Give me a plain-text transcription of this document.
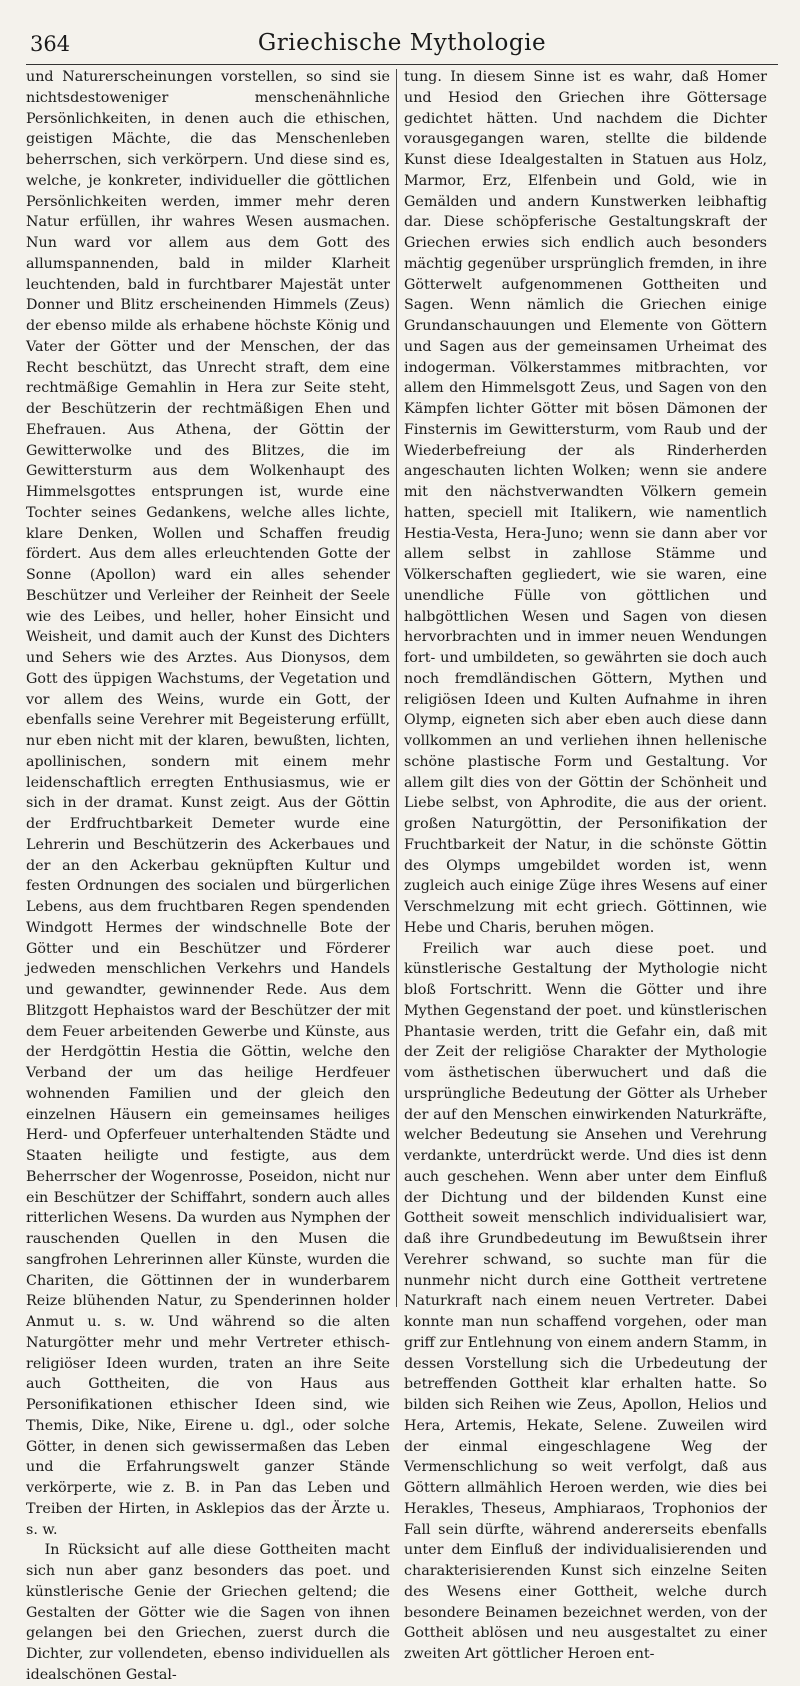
364	Griechische Mythologie

und Naturerscheinungen vorstellen, so sind sie nichtsdestoweniger menschenähnliche Persönlichkeiten, in denen auch die ethischen, geistigen Mächte, die das Menschenleben beherrschen, sich verkörpern. Und diese sind es, welche, je konkreter, individueller die göttlichen Persönlichkeiten werden, immer mehr deren Natur erfüllen, ihr wahres Wesen ausmachen. Nun ward vor allem aus dem Gott des allumspannenden, bald in milder Klarheit leuchtenden, bald in furchtbarer Majestät unter Donner und Blitz erscheinenden Himmels (Zeus) der ebenso milde als erhabene höchste König und Vater der Götter und der Menschen, der das Recht beschützt, das Unrecht straft, dem eine rechtmäßige Gemahlin in Hera zur Seite steht, der Beschützerin der rechtmäßigen Ehen und Ehefrauen. Aus Athena, der Göttin der Gewitterwolke und des Blitzes, die im Gewittersturm aus dem Wolkenhaupt des Himmelsgottes entsprungen ist, wurde eine Tochter seines Gedankens, welche alles lichte, klare Denken, Wollen und Schaffen freudig fördert. Aus dem alles erleuchtenden Gotte der Sonne (Apollon) ward ein alles sehender Beschützer und Verleiher der Reinheit der Seele wie des Leibes, und heller, hoher Einsicht und Weisheit, und damit auch der Kunst des Dichters und Sehers wie des Arztes. Aus Dionysos, dem Gott des üppigen Wachstums, der Vegetation und vor allem des Weins, wurde ein Gott, der ebenfalls seine Verehrer mit Begeisterung erfüllt, nur eben nicht mit der klaren, bewußten, lichten, apollinischen, sondern mit einem mehr leidenschaftlich erregten Enthusiasmus, wie er sich in der dramat. Kunst zeigt. Aus der Göttin der Erdfruchtbarkeit Demeter wurde eine Lehrerin und Beschützerin des Ackerbaues und der an den Ackerbau geknüpften Kultur und festen Ordnungen des socialen und bürgerlichen Lebens, aus dem fruchtbaren Regen spendenden Windgott Hermes der windschnelle Bote der Götter und ein Beschützer und Förderer jedweden menschlichen Verkehrs und Handels und gewandter, gewinnender Rede. Aus dem Blitzgott Hephaistos ward der Beschützer der mit dem Feuer arbeitenden Gewerbe und Künste, aus der Herdgöttin Hestia die Göttin, welche den Verband der um das heilige Herdfeuer wohnenden Familien und der gleich den einzelnen Häusern ein gemeinsames heiliges Herd- und Opferfeuer unterhaltenden Städte und Staaten heiligte und festigte, aus dem Beherrscher der Wogenrosse, Poseidon, nicht nur ein Beschützer der Schiffahrt, sondern auch alles ritterlichen Wesens. Da wurden aus Nymphen der rauschenden Quellen in den Musen die sangfrohen Lehrerinnen aller Künste, wurden die Chariten, die Göttinnen der in wunderbarem Reize blühenden Natur, zu Spenderinnen holder Anmut u. s. w. Und während so die alten Naturgötter mehr und mehr Vertreter ethisch-religiöser Ideen wurden, traten an ihre Seite auch Gottheiten, die von Haus aus Personifikationen ethischer Ideen sind, wie Themis, Dike, Nike, Eirene u. dgl., oder solche Götter, in denen sich gewissermaßen das Leben und die Erfahrungswelt ganzer Stände verkörperte, wie z. B. in Pan das Leben und Treiben der Hirten, in Asklepios das der Ärzte u. s. w.

In Rücksicht auf alle diese Gottheiten macht sich nun aber ganz besonders das poet. und künstlerische Genie der Griechen geltend; die Gestalten der Götter wie die Sagen von ihnen gelangen bei den Griechen, zuerst durch die Dichter, zur vollendeten, ebenso individuellen als idealschönen Gestal-

tung. In diesem Sinne ist es wahr, daß Homer und Hesiod den Griechen ihre Göttersage gedichtet hätten. Und nachdem die Dichter vorausgegangen waren, stellte die bildende Kunst diese Idealgestalten in Statuen aus Holz, Marmor, Erz, Elfenbein und Gold, wie in Gemälden und andern Kunstwerken leibhaftig dar. Diese schöpferische Gestaltungskraft der Griechen erwies sich endlich auch besonders mächtig gegenüber ursprünglich fremden, in ihre Götterwelt aufgenommenen Gottheiten und Sagen. Wenn nämlich die Griechen einige Grundanschauungen und Elemente von Göttern und Sagen aus der gemeinsamen Urheimat des indogerman. Völkerstammes mitbrachten, vor allem den Himmelsgott Zeus, und Sagen von den Kämpfen lichter Götter mit bösen Dämonen der Finsternis im Gewittersturm, vom Raub und der Wiederbefreiung der als Rinderherden angeschauten lichten Wolken; wenn sie andere mit den nächstverwandten Völkern gemein hatten, speciell mit Italikern, wie namentlich Hestia-Vesta, Hera-Juno; wenn sie dann aber vor allem selbst in zahllose Stämme und Völkerschaften gegliedert, wie sie waren, eine unendliche Fülle von göttlichen und halbgöttlichen Wesen und Sagen von diesen hervorbrachten und in immer neuen Wendungen fort- und umbildeten, so gewährten sie doch auch noch fremdländischen Göttern, Mythen und religiösen Ideen und Kulten Aufnahme in ihren Olymp, eigneten sich aber eben auch diese dann vollkommen an und verliehen ihnen hellenische schöne plastische Form und Gestaltung. Vor allem gilt dies von der Göttin der Schönheit und Liebe selbst, von Aphrodite, die aus der orient. großen Naturgöttin, der Personifikation der Fruchtbarkeit der Natur, in die schönste Göttin des Olymps umgebildet worden ist, wenn zugleich auch einige Züge ihres Wesens auf einer Verschmelzung mit echt griech. Göttinnen, wie Hebe und Charis, beruhen mögen.

Freilich war auch diese poet. und künstlerische Gestaltung der Mythologie nicht bloß Fortschritt. Wenn die Götter und ihre Mythen Gegenstand der poet. und künstlerischen Phantasie werden, tritt die Gefahr ein, daß mit der Zeit der religiöse Charakter der Mythologie vom ästhetischen überwuchert und daß die ursprüngliche Bedeutung der Götter als Urheber der auf den Menschen einwirkenden Naturkräfte, welcher Bedeutung sie Ansehen und Verehrung verdankte, unterdrückt werde. Und dies ist denn auch geschehen. Wenn aber unter dem Einfluß der Dichtung und der bildenden Kunst eine Gottheit soweit menschlich individualisiert war, daß ihre Grundbedeutung im Bewußtsein ihrer Verehrer schwand, so suchte man für die nunmehr nicht durch eine Gottheit vertretene Naturkraft nach einem neuen Vertreter. Dabei konnte man nun schaffend vorgehen, oder man griff zur Entlehnung von einem andern Stamm, in dessen Vorstellung sich die Urbedeutung der betreffenden Gottheit klar erhalten hatte. So bilden sich Reihen wie Zeus, Apollon, Helios und Hera, Artemis, Hekate, Selene. Zuweilen wird der einmal eingeschlagene Weg der Vermenschlichung so weit verfolgt, daß aus Göttern allmählich Heroen werden, wie dies bei Herakles, Theseus, Amphiaraos, Trophonios der Fall sein dürfte, während andererseits ebenfalls unter dem Einfluß der individualisierenden und charakterisierenden Kunst sich einzelne Seiten des Wesens einer Gottheit, welche durch besondere Beinamen bezeichnet werden, von der Gottheit ablösen und neu ausgestaltet zu einer zweiten Art göttlicher Heroen ent-
